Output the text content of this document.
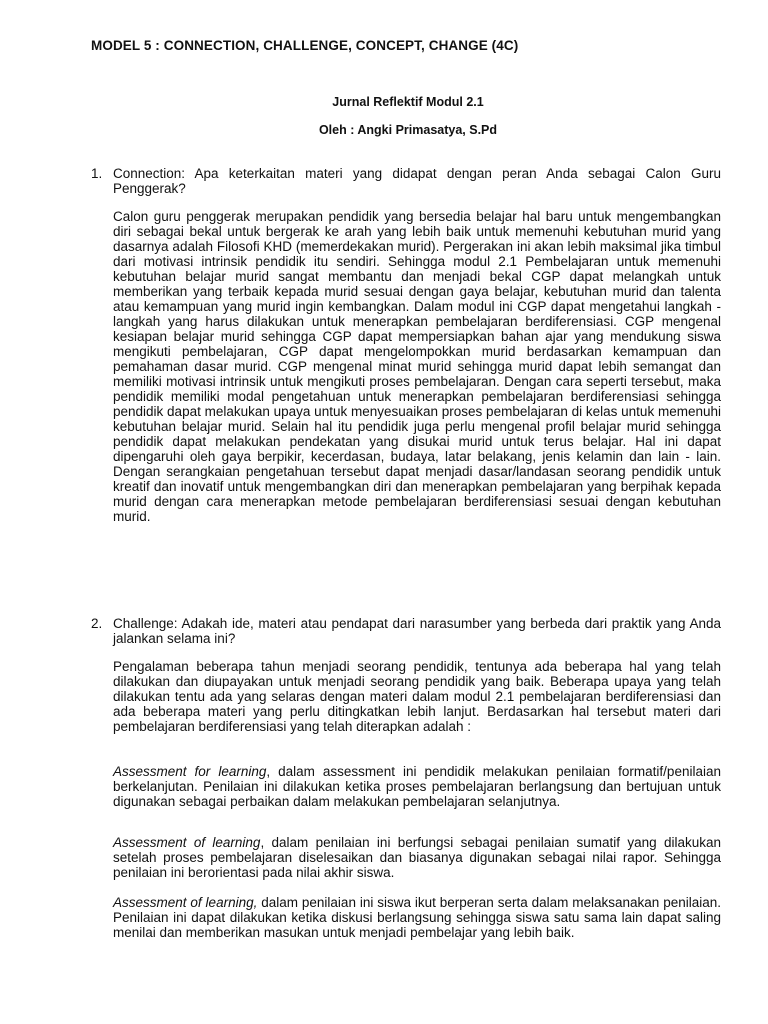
MODEL 5 : CONNECTION, CHALLENGE, CONCEPT, CHANGE (4C)
Jurnal Reflektif Modul 2.1
Oleh : Angki Primasatya, S.Pd
1. Connection: Apa keterkaitan materi yang didapat dengan peran Anda sebagai Calon Guru Penggerak?
Calon guru penggerak merupakan pendidik yang bersedia belajar hal baru untuk mengembangkan diri sebagai bekal untuk bergerak ke arah yang lebih baik untuk memenuhi kebutuhan murid yang dasarnya adalah Filosofi KHD (memerdekakan murid). Pergerakan ini akan lebih maksimal jika timbul dari motivasi intrinsik pendidik itu sendiri. Sehingga modul 2.1 Pembelajaran untuk memenuhi kebutuhan belajar murid sangat membantu dan menjadi bekal CGP dapat melangkah untuk memberikan yang terbaik kepada murid sesuai dengan gaya belajar, kebutuhan murid dan talenta atau kemampuan yang murid ingin kembangkan. Dalam modul ini CGP dapat mengetahui langkah - langkah yang harus dilakukan untuk menerapkan pembelajaran berdiferensiasi. CGP mengenal kesiapan belajar murid sehingga CGP dapat mempersiapkan bahan ajar yang mendukung siswa mengikuti pembelajaran, CGP dapat mengelompokkan murid berdasarkan kemampuan dan pemahaman dasar murid. CGP mengenal minat murid sehingga murid dapat lebih semangat dan memiliki motivasi intrinsik untuk mengikuti proses pembelajaran. Dengan cara seperti tersebut, maka pendidik memiliki modal pengetahuan untuk menerapkan pembelajaran berdiferensiasi sehingga pendidik dapat melakukan upaya untuk menyesuaikan proses pembelajaran di kelas untuk memenuhi kebutuhan belajar murid. Selain hal itu pendidik juga perlu mengenal profil belajar murid sehingga pendidik dapat melakukan pendekatan yang disukai murid untuk terus belajar. Hal ini dapat dipengaruhi oleh gaya berpikir, kecerdasan, budaya, latar belakang, jenis kelamin dan lain - lain. Dengan serangkaian pengetahuan tersebut dapat menjadi dasar/landasan seorang pendidik untuk kreatif dan inovatif untuk mengembangkan diri dan menerapkan pembelajaran yang berpihak kepada murid dengan cara menerapkan metode pembelajaran berdiferensiasi sesuai dengan kebutuhan murid.
2. Challenge: Adakah ide, materi atau pendapat dari narasumber yang berbeda dari praktik yang Anda jalankan selama ini?
Pengalaman beberapa tahun menjadi seorang pendidik, tentunya ada beberapa hal yang telah dilakukan dan diupayakan untuk menjadi seorang pendidik yang baik. Beberapa upaya yang telah dilakukan tentu ada yang selaras dengan materi dalam modul 2.1 pembelajaran berdiferensiasi dan ada beberapa materi yang perlu ditingkatkan lebih lanjut. Berdasarkan hal tersebut materi dari pembelajaran berdiferensiasi yang telah diterapkan adalah :
Assessment for learning, dalam assessment ini pendidik melakukan penilaian formatif/penilaian berkelanjutan. Penilaian ini dilakukan ketika proses pembelajaran berlangsung dan bertujuan untuk digunakan sebagai perbaikan dalam melakukan pembelajaran selanjutnya.
Assessment of learning, dalam penilaian ini berfungsi sebagai penilaian sumatif yang dilakukan setelah proses pembelajaran diselesaikan dan biasanya digunakan sebagai nilai rapor. Sehingga penilaian ini berorientasi pada nilai akhir siswa.
Assessment of learning, dalam penilaian ini siswa ikut berperan serta dalam melaksanakan penilaian. Penilaian ini dapat dilakukan ketika diskusi berlangsung sehingga siswa satu sama lain dapat saling menilai dan memberikan masukan untuk menjadi pembelajar yang lebih baik.
